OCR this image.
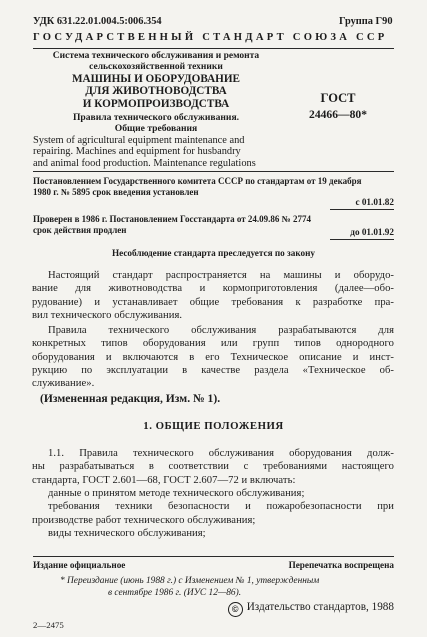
УДК 631.22.01.004.5:006.354	Группа Г90
ГОСУДАРСТВЕННЫЙ СТАНДАРТ СОЮЗА ССР
Система технического обслуживания и ремонта
сельскохозяйственной техники
МАШИНЫ И ОБОРУДОВАНИЕ
ДЛЯ ЖИВОТНОВОДСТВА
И КОРМОПРОИЗВОДСТВА
Правила технического обслуживания.
Общие требования
System of agricultural equipment maintenance and
repairing. Machines and equipment for husbandry
and animal food production. Maintenance regulations
ГОСТ
24466—80*
Постановлением Государственного комитета СССР по стандартам от 19 декабря
1980 г. № 5895 срок введения установлен
с 01.01.82
Проверен в 1986 г. Постановлением Госстандарта от 24.09.86 № 2774
срок действия продлен	до 01.01.92
Несоблюдение стандарта преследуется по закону
Настоящий стандарт распространяется на машины и оборудо-
вание для животноводства и кормоприготовления (далее—обо-
рудование) и устанавливает общие требования к разработке пра-
вил технического обслуживания.
Правила технического обслуживания разрабатываются для
конкретных типов оборудования или групп типов однородного
оборудования и включаются в его Техническое описание и инст-
рукцию по эксплуатации в качестве раздела «Техническое об-
служивание».
(Измененная редакция, Изм. № 1).
1. ОБЩИЕ ПОЛОЖЕНИЯ
1.1. Правила технического обслуживания оборудования долж-
ны разрабатываться в соответствии с требованиями настоящего
стандарта, ГОСТ 2.601—68, ГОСТ 2.607—72 и включать:
данные о принятом методе технического обслуживания;
требования техники безопасности и пожаробезопасности при
производстве работ технического обслуживания;
виды технического обслуживания;
Издание официальное	Перепечатка воспрещена
* Переиздание (июнь 1988 г.) с Изменением № 1, утвержденным
в сентябре 1986 г. (ИУС 12—86).
© Издательство стандартов, 1988
2—2475
